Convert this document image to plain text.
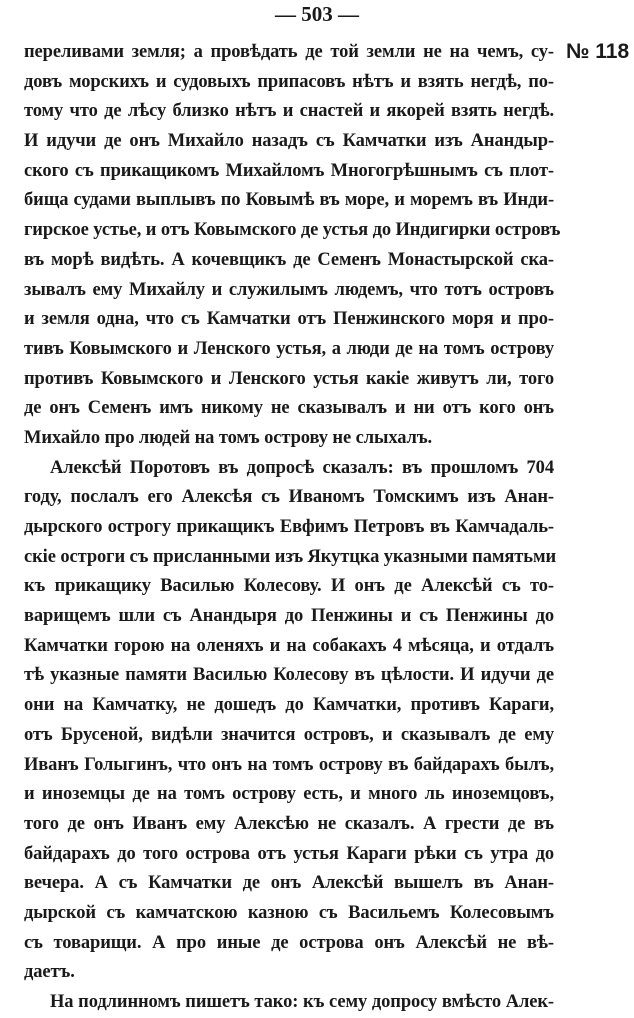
— 503 —
№ 118
переливами земля; а провѣдать де той земли не на чемъ, су-
довъ морскихъ и судовыхъ припасовъ нѣтъ и взять негдѣ, по-
тому что де лѣсу близко нѣтъ и снастей и якорей взять негдѣ.
И идучи де онъ Михайло назадъ съ Камчатки изъ Анандыр-
ского съ прикащикомъ Михайломъ Многогрѣшнымъ съ плот-
бища судами выплывъ по Ковымѣ въ море, и моремъ въ Инди-
гирское устье, и отъ Ковымского де устья до Индигирки островъ
въ морѣ видѣть. А кочевщикъ де Семенъ Монастырской ска-
зывалъ ему Михайлу и служилымъ людемъ, что тотъ островъ
и земля одна, что съ Камчатки отъ Пенжинского моря и про-
тивъ Ковымского и Ленского устья, а люди де на томъ острову
противъ Ковымского и Ленского устья какіе живутъ ли, того
де онъ Семенъ имъ никому не сказывалъ и ни отъ кого онъ
Михайло про людей на томъ острову не слыхалъ.
Алексѣй Поротовъ въ допросѣ сказалъ: въ прошломъ 704
году, послалъ его Алексѣя съ Иваномъ Томскимъ изъ Анан-
дырского острогу прикащикъ Евфимъ Петровъ въ Камчадаль-
скіе остроги съ присланными изъ Якутцка указными памятьми
къ прикащику Василью Колесову. И онъ де Алексѣй съ то-
варищемъ шли съ Анандыря до Пенжины и съ Пенжины до
Камчатки горою на оленяхъ и на собакахъ 4 мѣсяца, и отдалъ
тѣ указные памяти Василью Колесову въ цѣлости. И идучи де
они на Камчатку, не дошедъ до Камчатки, противъ Караги,
отъ Брусеной, видѣли значится островъ, и сказывалъ де ему
Иванъ Голыгинъ, что онъ на томъ острову въ байдарахъ былъ,
и иноземцы де на томъ острову есть, и много ль иноземцовъ,
того де онъ Иванъ ему Алексѣю не сказалъ. А грести де въ
байдарахъ до того острова отъ устья Караги рѣки съ утра до
вечера. А съ Камчатки де онъ Алексѣй вышелъ въ Анан-
дырской съ камчатскою казною съ Васильемъ Колесовымъ
съ товарищи. А про иные де острова онъ Алексѣй не вѣ-
даетъ.
На подлинномъ пишетъ тако: къ сему допросу вмѣсто Алек-
